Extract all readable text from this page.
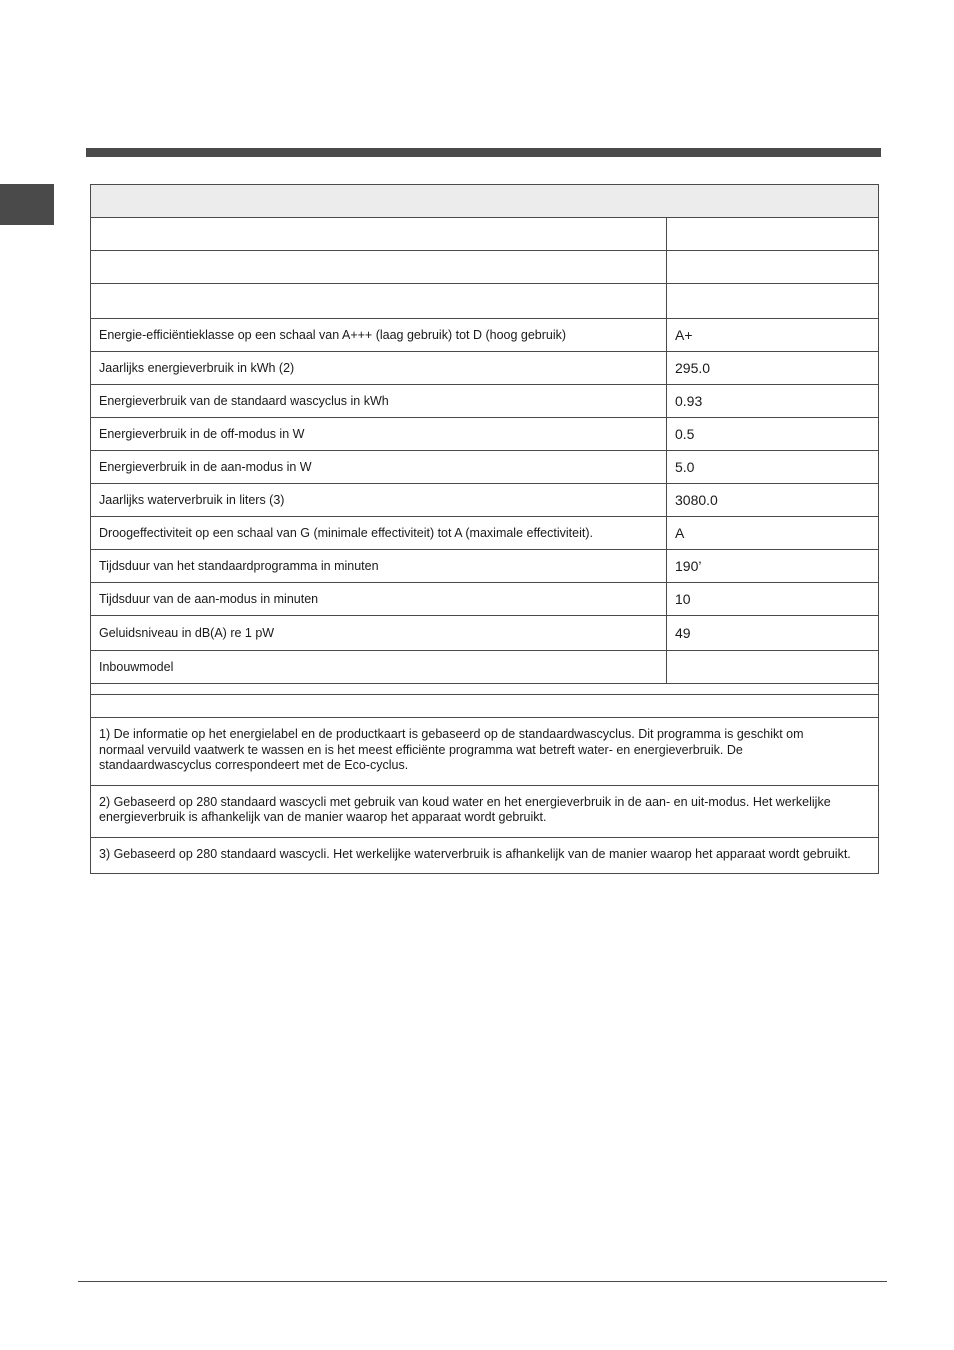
Energie-efficiëntieklasse op een schaal van A+++ (laag gebruik) tot D (hoog gebruik)	A+
Jaarlijks energieverbruik in kWh (2)	295.0
Energieverbruik van de standaard wascyclus in kWh	0.93
Energieverbruik in de off-modus in W	0.5
Energieverbruik in de aan-modus in W	5.0
Jaarlijks waterverbruik in liters (3)	3080.0
Droogeffectiviteit op een schaal van G (minimale effectiviteit) tot A (maximale effectiviteit).	A
Tijdsduur van het standaardprogramma in minuten	190’
Tijdsduur van de aan-modus in minuten	10
Geluidsniveau in dB(A) re 1 pW	49
Inbouwmodel	

1) De informatie op het energielabel en de productkaart is gebaseerd op de standaardwascyclus. Dit programma is geschikt om normaal vervuild vaatwerk te wassen en is het meest efficiënte programma wat betreft water- en energieverbruik. De standaardwascyclus correspondeert met de Eco-cyclus.	

2) Gebaseerd op 280 standaard wascycli met gebruik van koud water en het energieverbruik in de aan- en uit-modus. Het werkelijke energieverbruik is afhankelijk van de manier waarop het apparaat wordt gebruikt.	
3) Gebaseerd op 280 standaard wascycli. Het werkelijke waterverbruik is afhankelijk van de manier waarop het apparaat wordt gebruikt.	
